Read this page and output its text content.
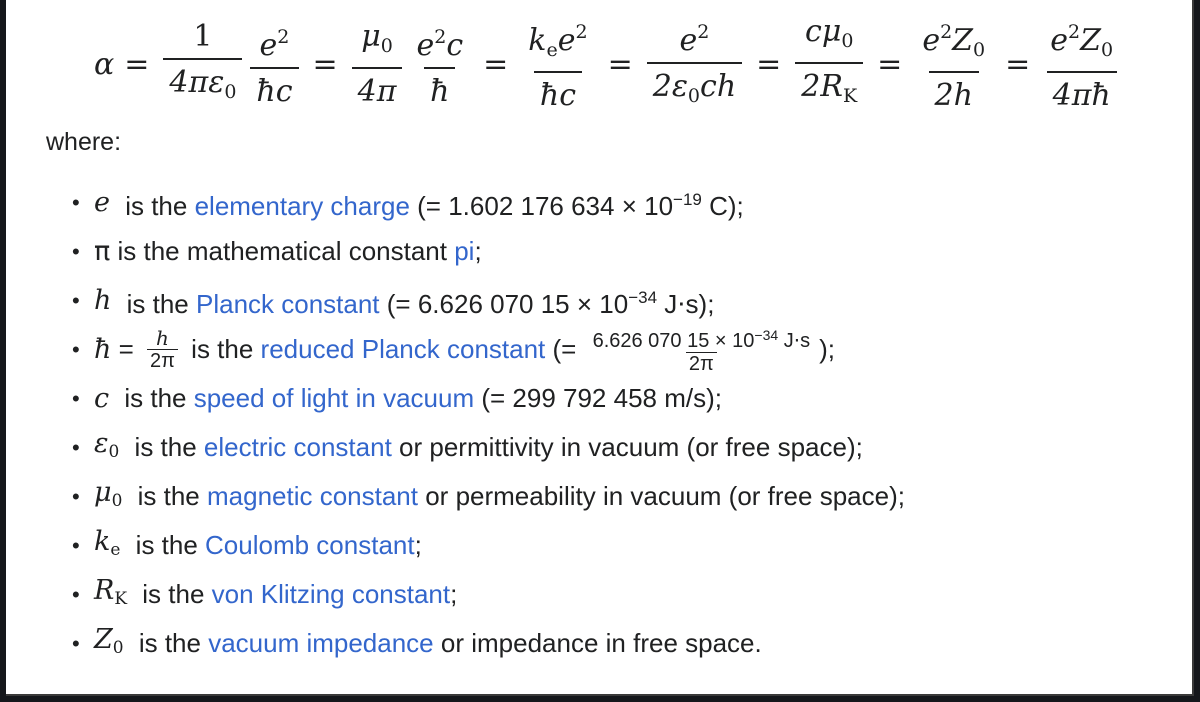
$\alpha = \frac{1}{4\pi\varepsilon_0} \frac{e^2}{ħc} = \frac{\mu_0}{4\pi} \frac{e^2c}{ħ} = \frac{k_ee^2}{ħc} = \frac{e^2}{2\varepsilon_0ch} = \frac{c\mu_0}{2R_K} = \frac{e^2Z_0}{2h} = \frac{e^2Z_0}{4\pi ħ}$
where:
• e is the elementary charge (= 1.602 176 $634 \times 10^{-19}$ C);
• π is the mathematical constant pi;
• h is the Planck constant (= 6.626 070 $15 \times 10^{-34}$ J⋅s);
• ħ = $\frac{h}{2\pi}$ is the reduced Planck constant (= $\frac{6.626 070 15 \times 10^{-34} J\cdot s}{2\pi}$ );
• c is the speed of light in vacuum (= 299 792 458 m/s);
• $\varepsilon_0$ is the electric constant or permittivity in vacuum (or free space);
• $\mu_0$ is the magnetic constant or permeability in vacuum (or free space);
• $k_e$ is the Coulomb constant;
• $R_K$ is the von Klitzing constant;
• $Z_0$ is the vacuum impedance or impedance in free space.
